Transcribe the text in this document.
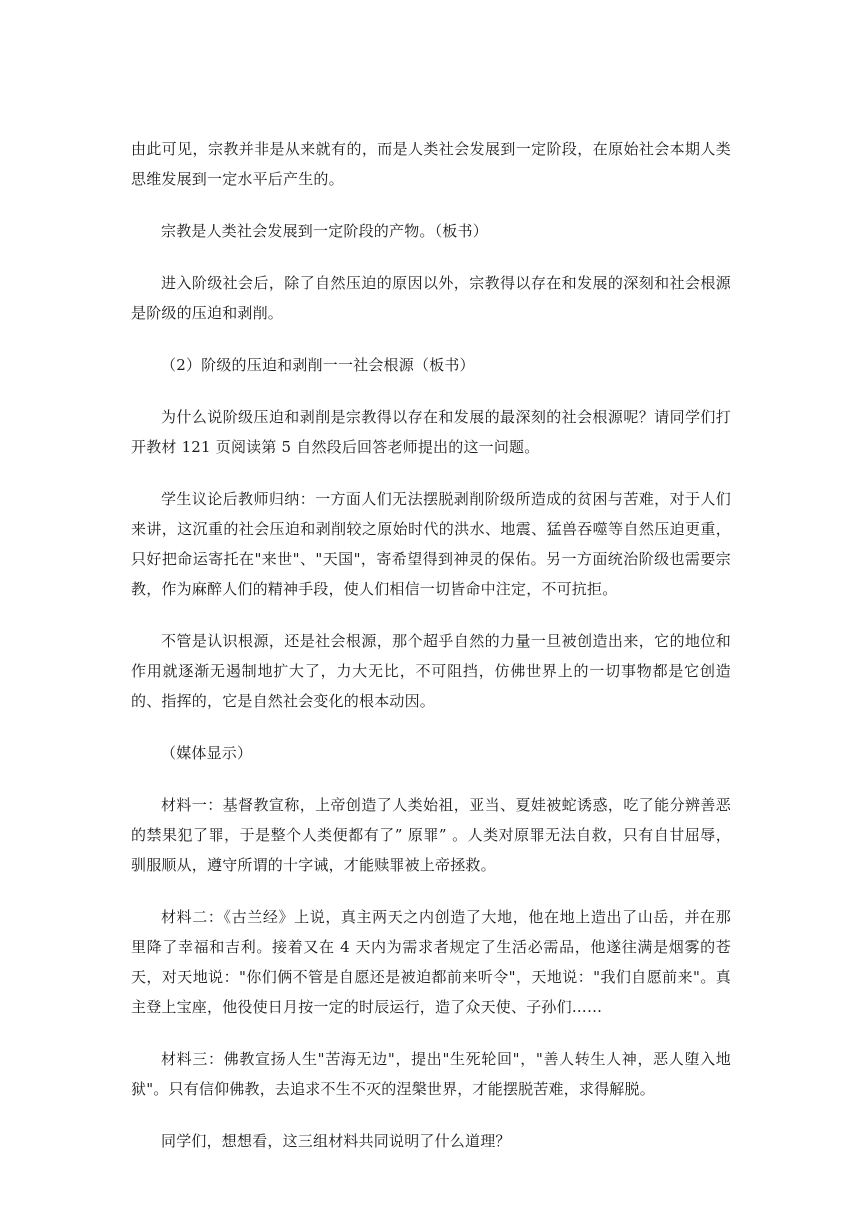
由此可见，宗教并非是从来就有的，而是人类社会发展到一定阶段，在原始社会本期人类思维发展到一定水平后产生的。

宗教是人类社会发展到一定阶段的产物。（板书）

进入阶级社会后，除了自然压迫的原因以外，宗教得以存在和发展的深刻和社会根源是阶级的压迫和剥削。

（2）阶级的压迫和剥削一一社会根源（板书）

为什么说阶级压迫和剥削是宗教得以存在和发展的最深刻的社会根源呢？请同学们打开教材 121 页阅读第 5 自然段后回答老师提出的这一问题。

学生议论后教师归纳：一方面人们无法摆脱剥削阶级所造成的贫困与苦难，对于人们来讲，这沉重的社会压迫和剥削较之原始时代的洪水、地震、猛兽吞噬等自然压迫更重，只好把命运寄托在"来世"、"天国"，寄希望得到神灵的保佑。另一方面统治阶级也需要宗教，作为麻醉人们的精神手段，使人们相信一切皆命中注定，不可抗拒。

不管是认识根源，还是社会根源，那个超乎自然的力量一旦被创造出来，它的地位和作用就逐渐无遏制地扩大了，力大无比，不可阻挡，仿佛世界上的一切事物都是它创造的、指挥的，它是自然社会变化的根本动因。

（媒体显示）

材料一：基督教宣称，上帝创造了人类始祖，亚当、夏娃被蛇诱惑，吃了能分辨善恶的禁果犯了罪，于是整个人类便都有了” 原罪” 。人类对原罪无法自救，只有自甘屈辱，驯服顺从，遵守所谓的十字诫，才能赎罪被上帝拯救。

材料二：《古兰经》上说，真主两天之内创造了大地，他在地上造出了山岳，并在那里降了幸福和吉利。接着又在 4 天内为需求者规定了生活必需品，他遂往满是烟雾的苍天，对天地说："你们俩不管是自愿还是被迫都前来听令"，天地说："我们自愿前来"。真主登上宝座，他役使日月按一定的时辰运行，造了众天使、子孙们……

材料三：佛教宣扬人生"苦海无边"，提出"生死轮回"，"善人转生人神，恶人堕入地狱"。只有信仰佛教，去追求不生不灭的涅槃世界，才能摆脱苦难，求得解脱。

同学们，想想看，这三组材料共同说明了什么道理？
